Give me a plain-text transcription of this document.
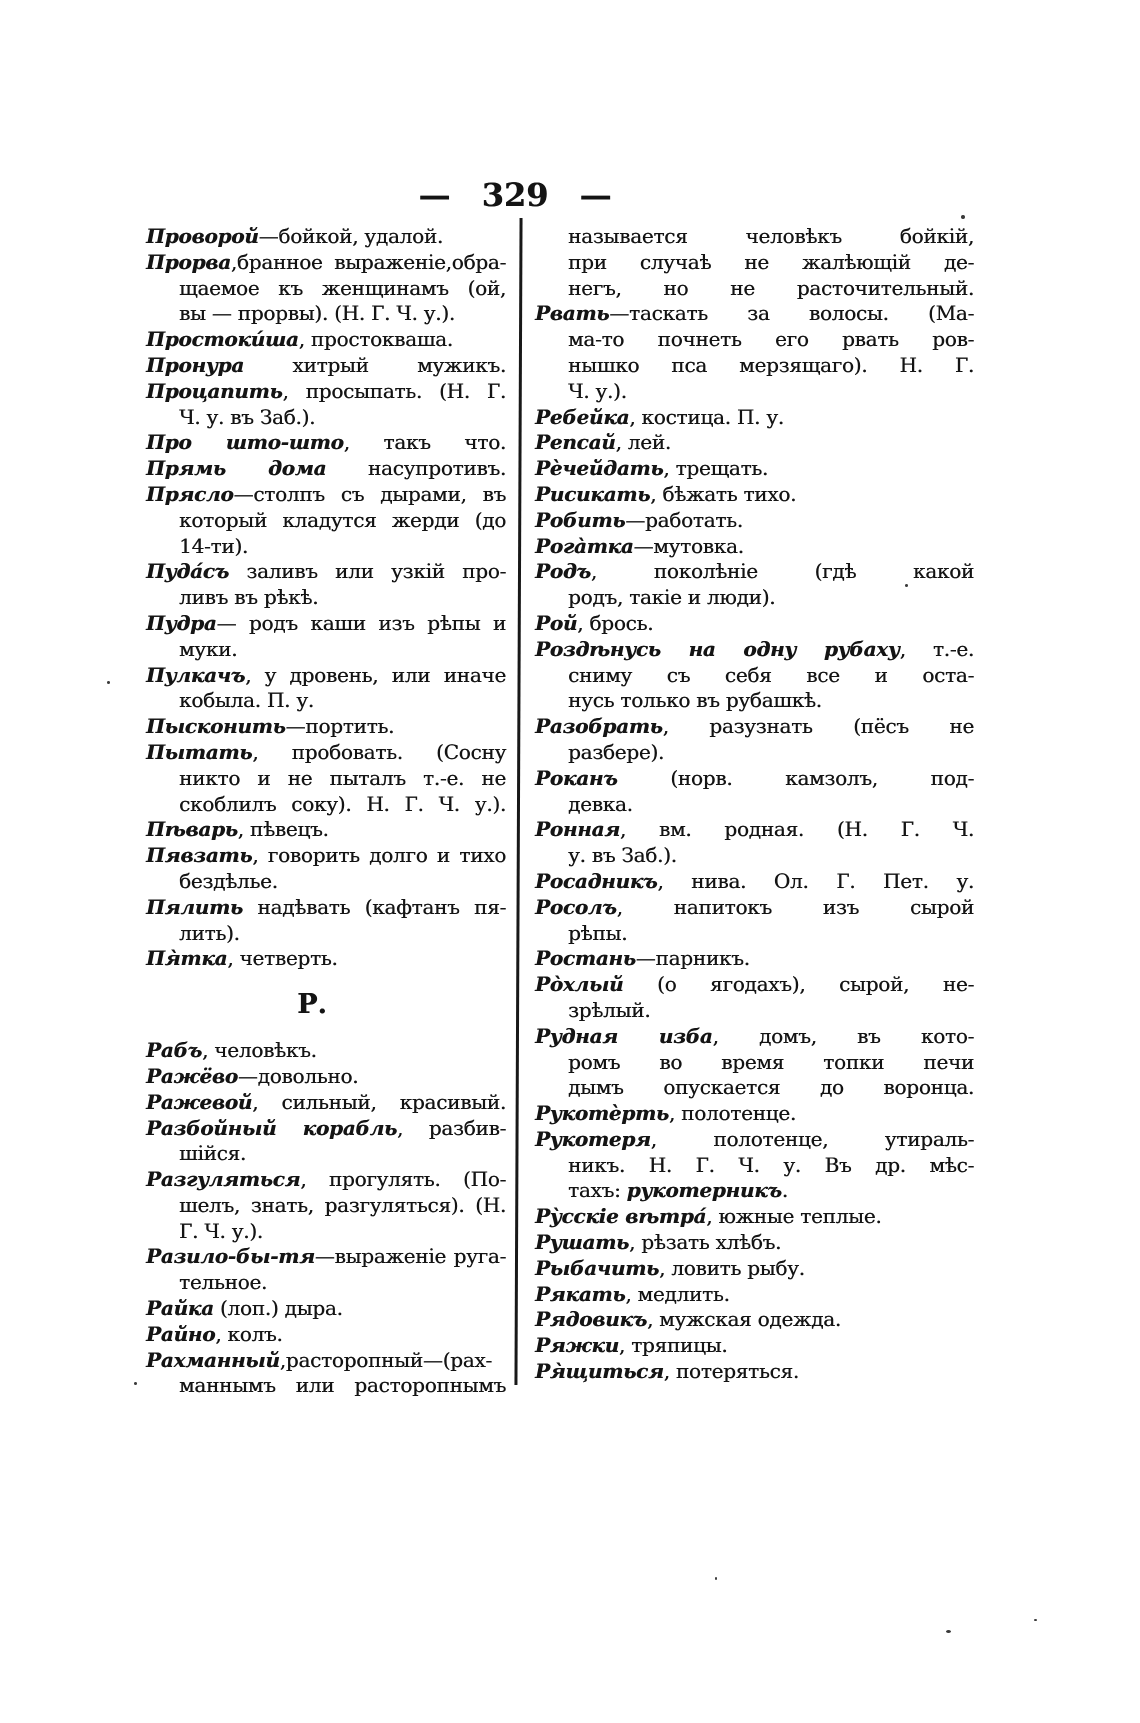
— 329 —
Проворой—бойкой, удалой.
Прорва,бранное выраженіе,обра-
щаемое къ женщинамъ (ой,
вы — прорвы). (Н. Г. Ч. у.).
Простоки́ша, простокваша.
Пронура хитрый мужикъ.
Процапить, просыпать. (Н. Г.
Ч. у. въ Заб.).
Про што-што, такъ что.
Прямь дома насупротивъ.
Прясло—столпъ съ дырами, въ
который кладутся жерди (до
14-ти).
Пуда́съ заливъ или узкій про-
ливъ въ рѣкѣ.
Пудра— родъ каши изъ рѣпы и
муки.
Пулкачъ, у дровень, или иначе
кобыла. П. у.
Пысконить—портить.
Пытать, пробовать. (Сосну
никто и не пыталъ т.-е. не
скоблилъ соку). Н. Г. Ч. у.).
Пѣварь, пѣвецъ.
Пявзать, говорить долго и тихо
бездѣлье.
Пялить надѣвать (кафтанъ пя-
лить).
Пя̀тка, четверть.
Р.
Рабъ, человѣкъ.
Ражёво—довольно.
Ражевой, сильный, красивый.
Разбойный корабль, разбив-
шійся.
Разгуляться, прогулять. (По-
шелъ, знать, разгуляться). (Н.
Г. Ч. у.).
Разило-бы-тя—выраженіе руга-
тельное.
Райка (лоп.) дыра.
Райно, колъ.
Рахманный,расторопный—(рах-
маннымъ или расторопнымъ
называется человѣкъ бойкій,
при случаѣ не жалѣющій де-
негъ, но не расточительный.
Рвать—таскать за волосы. (Ма-
ма-то почнеть его рвать ров-
нышко пса мерзящаго). Н. Г.
Ч. у.).
Ребейка, костица. П. у.
Репсай, лей.
Рѐчейдать, трещать.
Рисикать, бѣжать тихо.
Робить—работать.
Рога̀тка—мутовка.
Родъ, поколѣніе (гдѣ какой
родъ, такіе и люди).
Рой, брось.
Роздѣнусь на одну рубаху, т.-е.
сниму съ себя все и оста-
нусь только въ рубашкѣ.
Разобрать, разузнать (пёсъ не
разбере).
Роканъ (норв. камзолъ, под-
девка.
Ронная, вм. родная. (Н. Г. Ч.
у. въ Заб.).
Росадникъ, нива. Ол. Г. Пет. у.
Росолъ, напитокъ изъ сырой
рѣпы.
Ростань—парникъ.
Ро̀хлый (о ягодахъ), сырой, не-
зрѣлый.
Рудная изба, домъ, въ кото-
ромъ во время топки печи
дымъ опускается до воронца.
Рукотѐрть, полотенце.
Рукотеря, полотенце, утираль-
никъ. Н. Г. Ч. у. Въ др. мѣс-
тахъ: рукотерникъ.
Ру̀сскіе вѣтра́, южные теплые.
Рушать, рѣзать хлѣбъ.
Рыбачить, ловить рыбу.
Рякать, медлить.
Рядовикъ, мужская одежда.
Ряжки, тряпицы.
Ря̀щиться, потеряться.
